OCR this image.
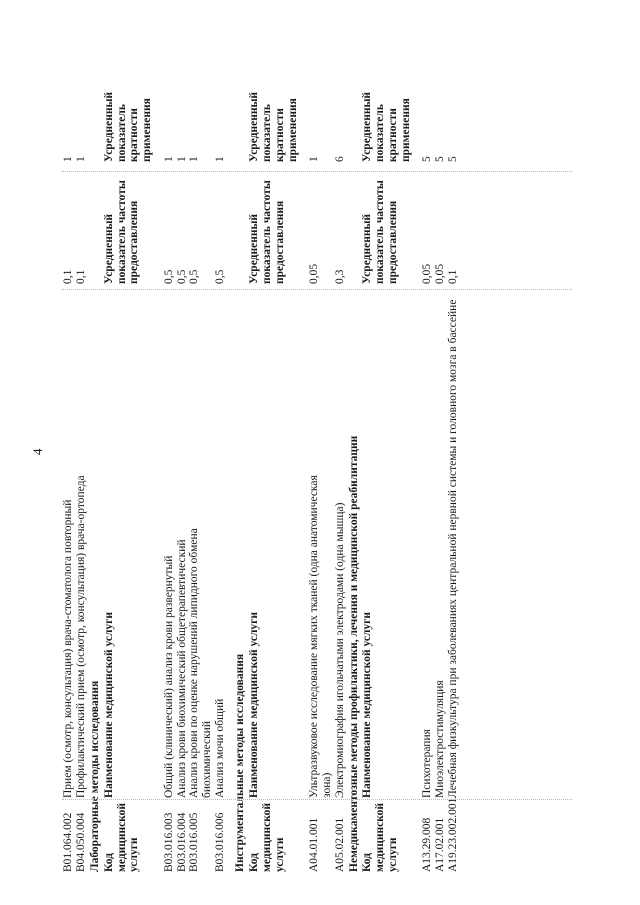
4
B01.064.002
Прием (осмотр, консультация) врача-стоматолога повторный
0,1
1
B04.050.004
Профилактический прием (осмотр, консультация) врача-ортопеда
0,1
1
Лабораторные методы исследования Код медицинской услуги
Наименование медицинской услуги
Усредненный показатель частоты предоставления
Усредненный показатель кратности применения
B03.016.003
Общий (клинический) анализ крови развернутый
0,5
1
B03.016.004
Анализ крови биохимический общетерапевтический
0,5
1
B03.016.005
Анализ крови по оценке нарушений липидного обмена биохимический
0,5
1
B03.016.006
Анализ мочи общий
0,5
1
Инструментальные методы исследования Код медицинской услуги
Наименование медицинской услуги
Усредненный показатель частоты предоставления
Усредненный показатель кратности применения
A04.01.001
Ультразвуковое исследование мягких тканей (одна анатомическая зона)
0,05
1
A05.02.001
Электромиография игольчатыми электродами (одна мышца)
0,3
6
Немедикаментозные методы профилактики, лечения и медицинской реабилитации Код медицинской услуги
Наименование медицинской услуги
Усредненный показатель частоты предоставления
Усредненный показатель кратности применения
A13.29.008
Психотерапия
0,05
5
A17.02.001
Миоэлектростимуляция
0,05
5
A19.23.002.001
Лечебная физкультура при заболеваниях центральной нервной системы и головного мозга в бассейне
0,1
5
